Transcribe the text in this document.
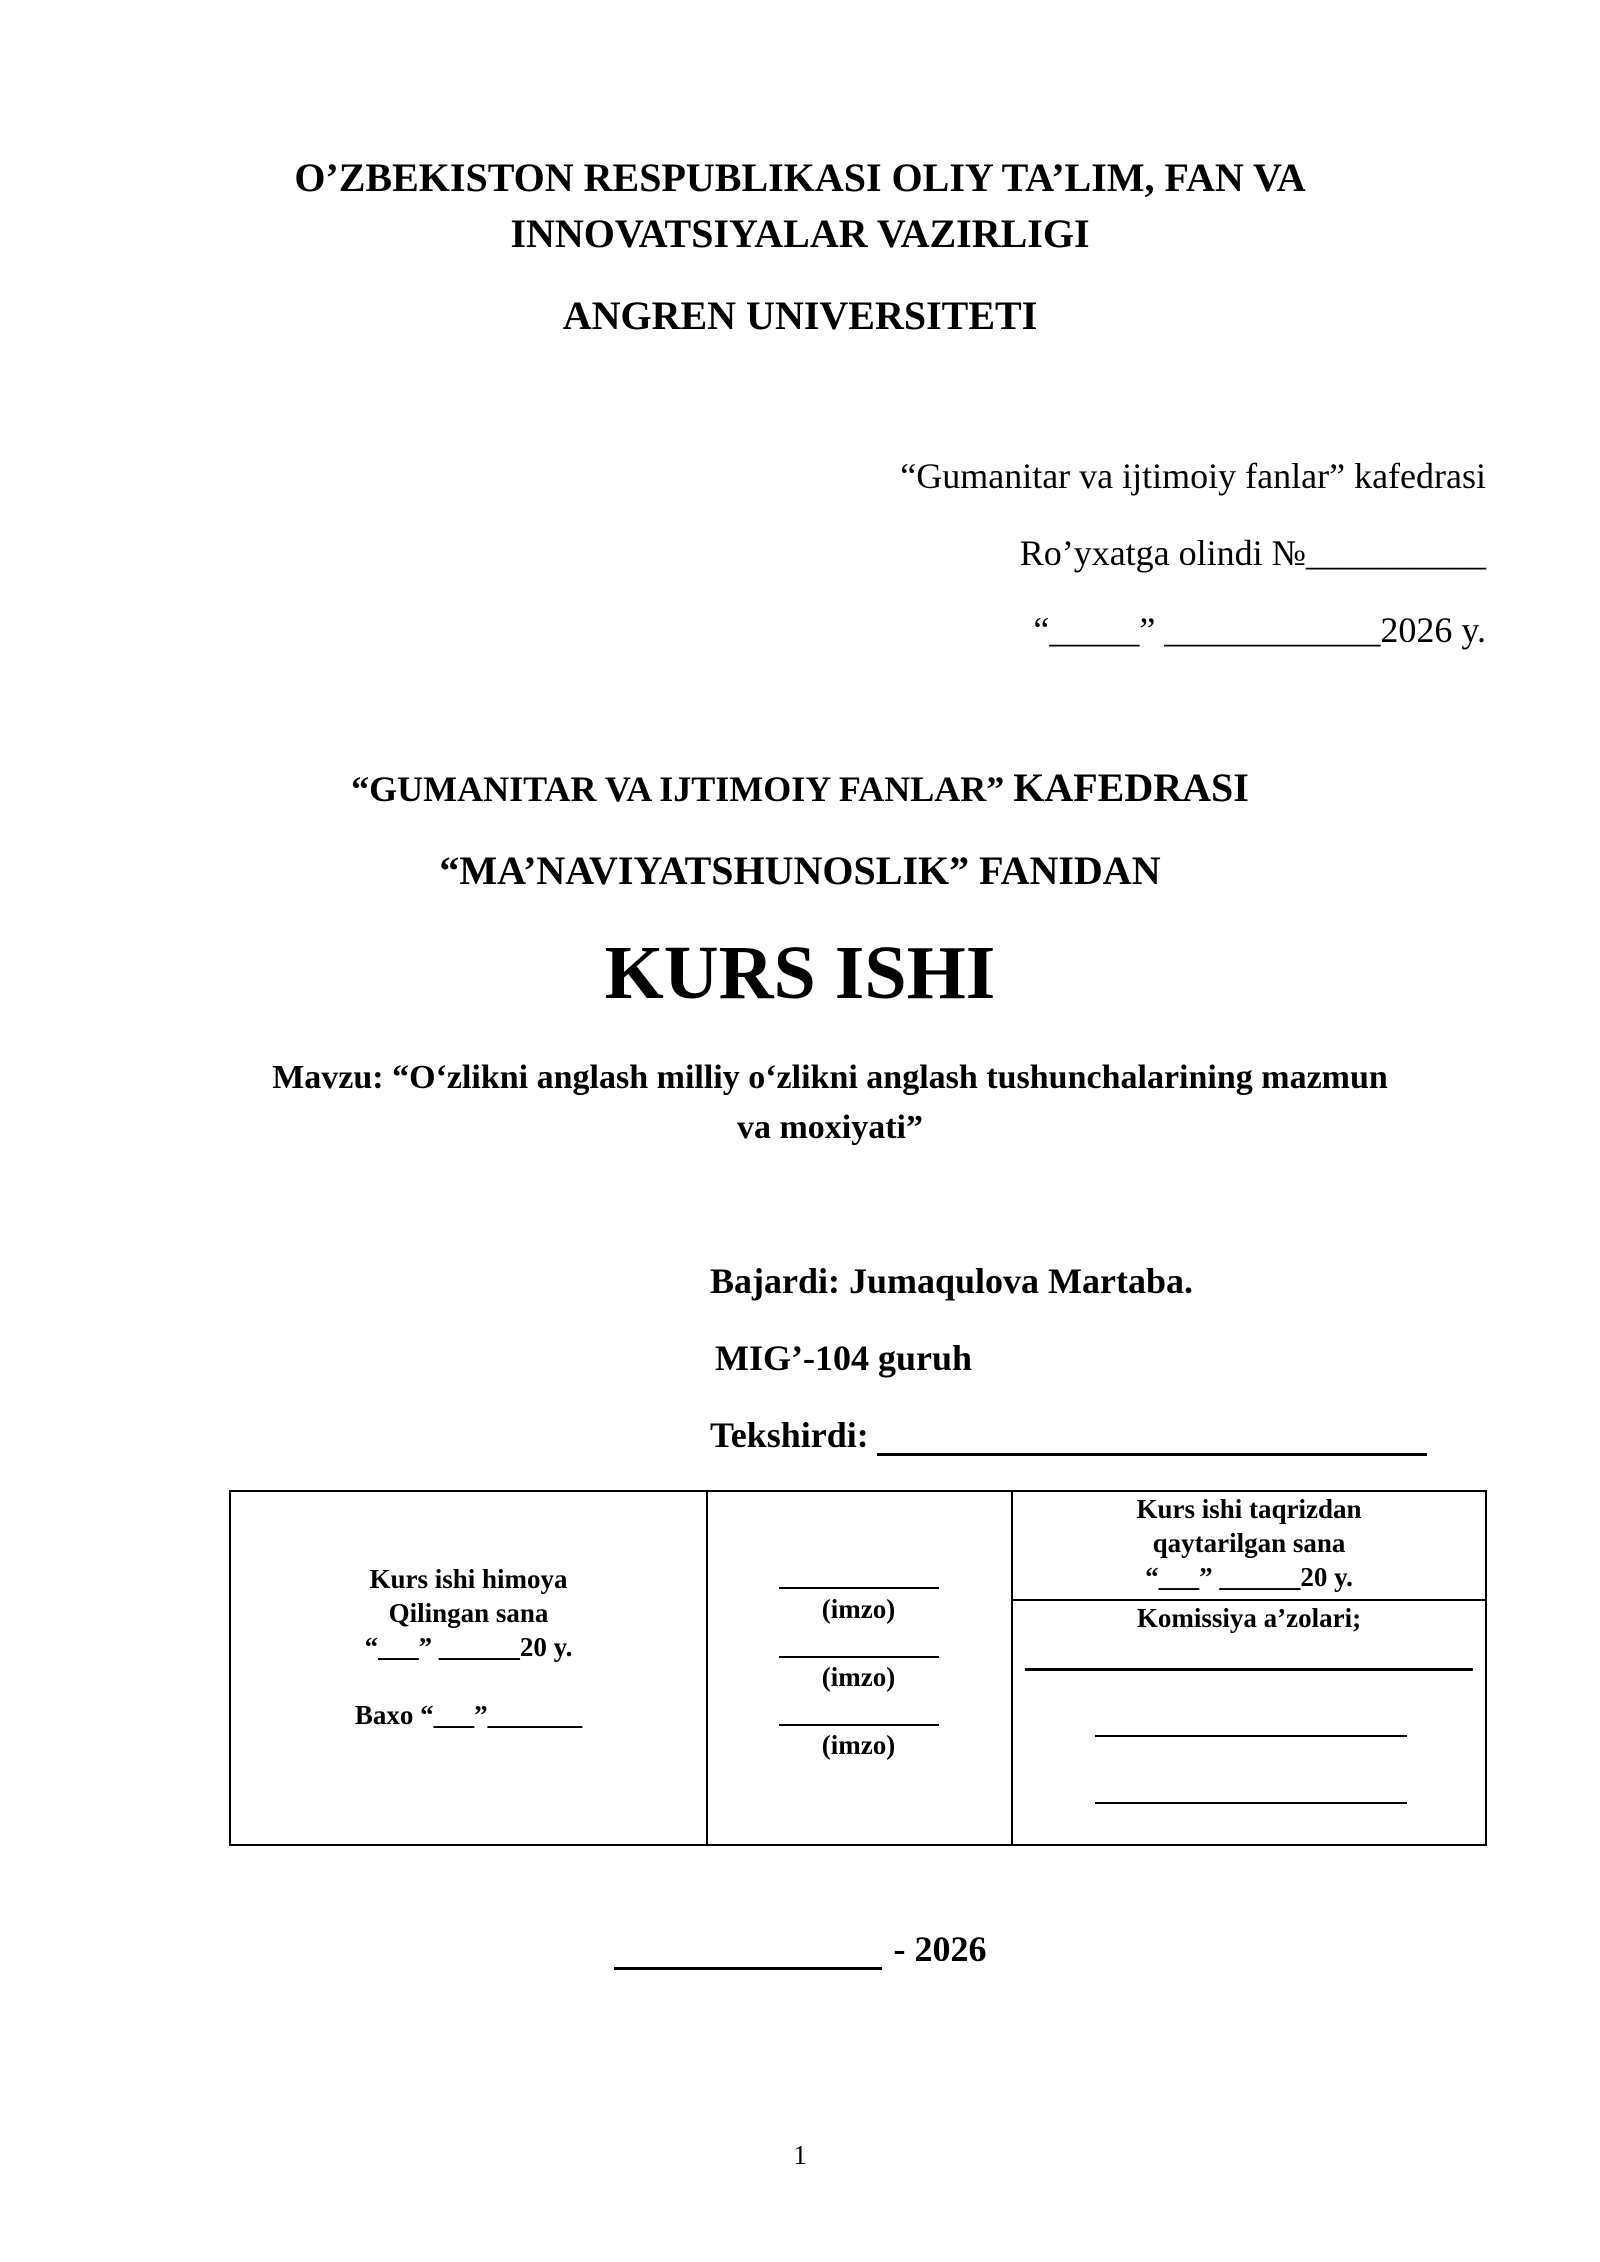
O’ZBEKISTON RESPUBLIKASI OLIY TA’LIM, FAN VA
INNOVATSIYALAR VAZIRLIGI
ANGREN UNIVERSITETI
“Gumanitar va ijtimoiy fanlar” kafedrasi
Ro’yxatga olindi №__________
“_____” ____________2026 y.
“GUMANITAR VA IJTIMOIY FANLAR” KAFEDRASI
“MA’NAVIYATSHUNOSLIK” FANIDAN
KURS ISHI
Mavzu: “O‘zlikni anglash milliy o‘zlikni anglash tushunchalarining mazmun
va moxiyati”
Bajardi: Jumaqulova Martaba.
MIG’-104 guruh
Tekshirdi:
Kurs ishi himoya
Qilingan sana
“___” ______20 y.
Baxo “___”_______
(imzo)
(imzo)
(imzo)
Kurs ishi taqrizdan
qaytarilgan sana
“___” ______20 y.
Komissiya a’zolari;
- 2026
1
